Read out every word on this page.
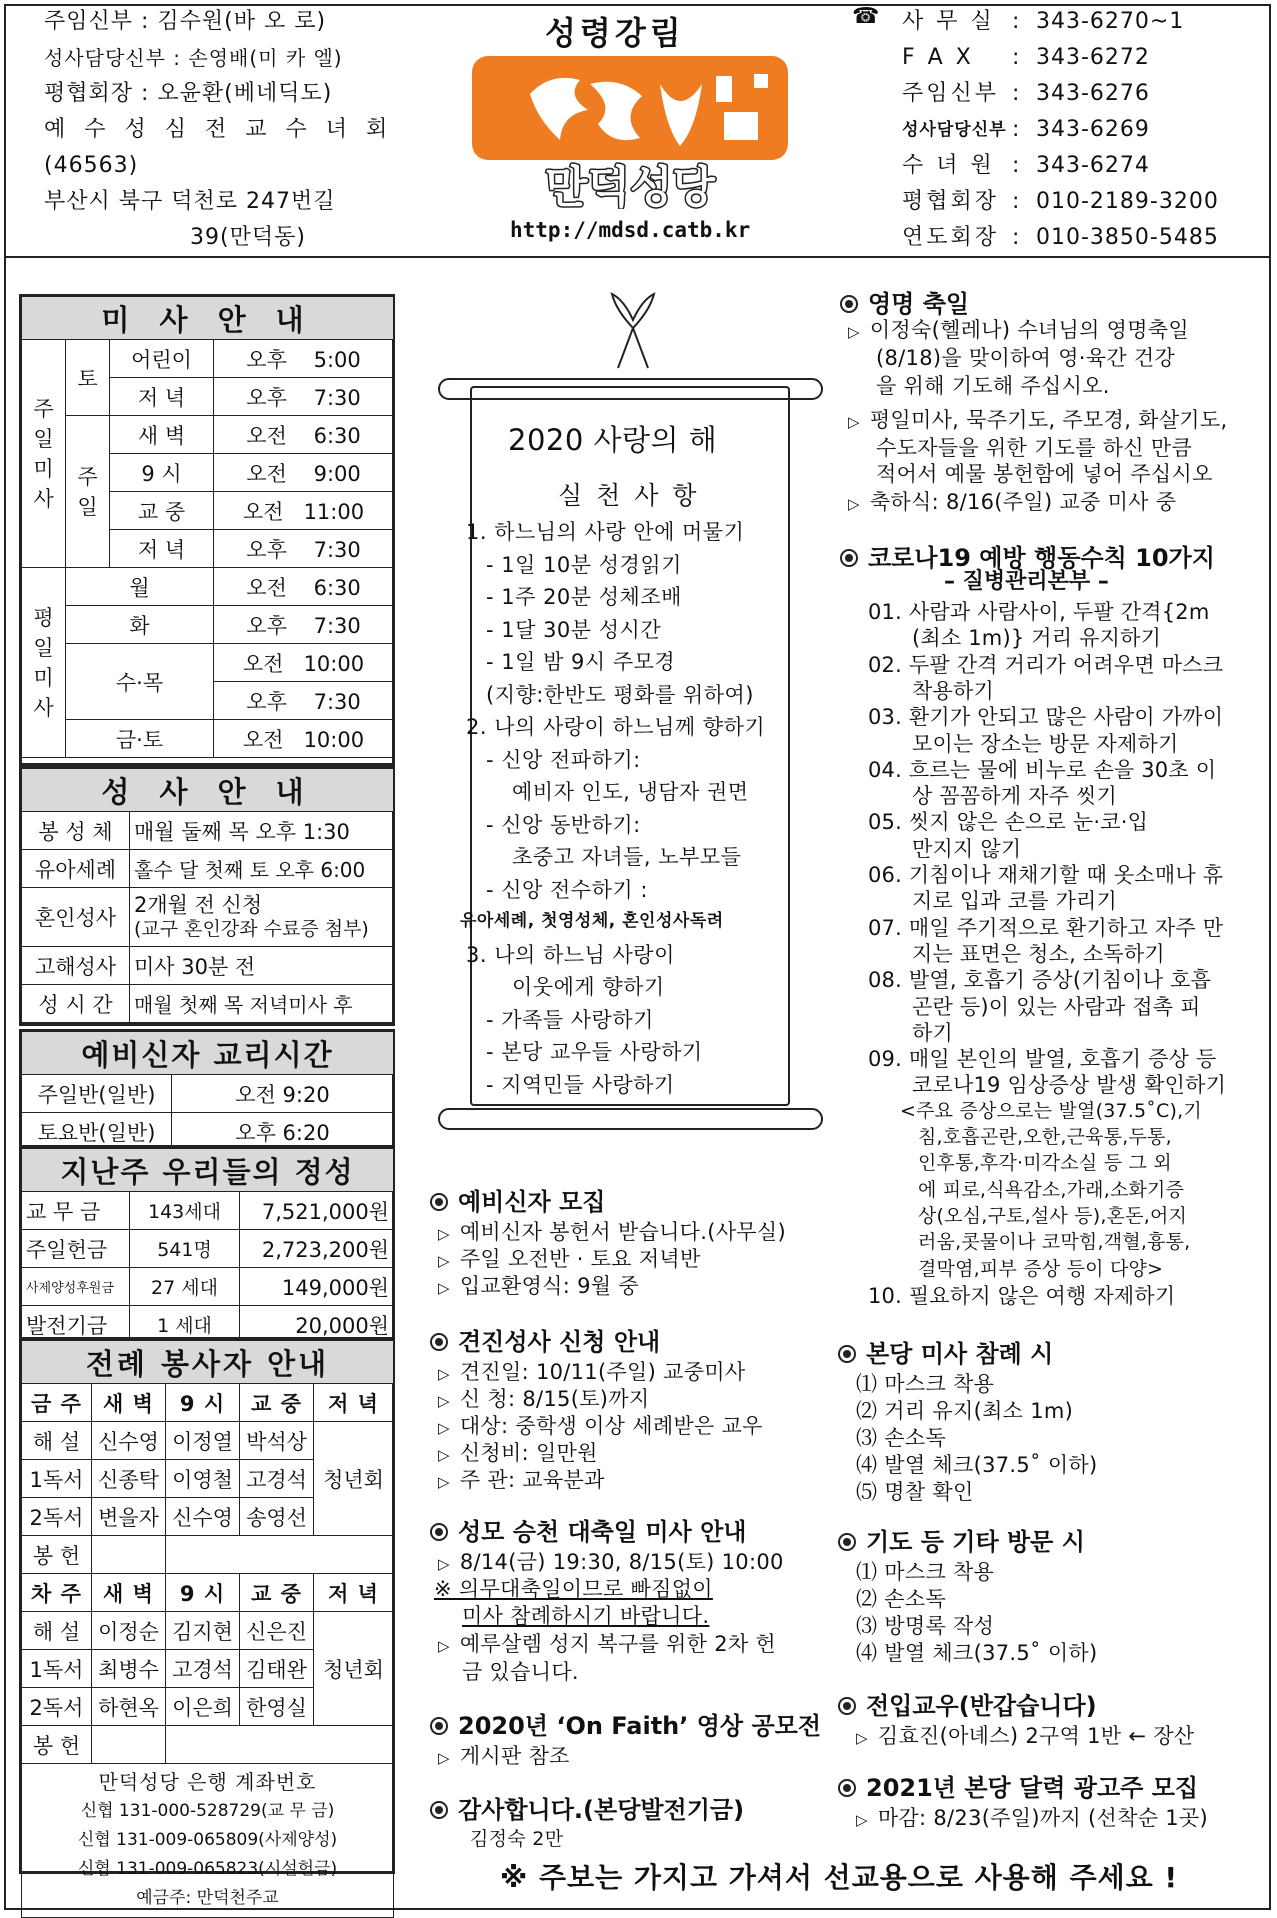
주임신부 : 김수원(바 오 로)
성사담당신부 : 손영배(미 카 엘)
평협회장 : 오윤환(베네딕도)
예 수 성 심 전 교 수 녀 회
(46563)
부산시 북구 덕천로 247번길
39(만덕동)
성령강림
만덕성당
http://mdsd.catb.kr
☎ 사 무 실 : 343-6270~1
F A X	: 343-6272
주임신부 : 343-6276
성사담당신부 : 343-6269
수 녀 원 : 343-6274
평협회장 : 010-2189-3200
연도회장 : 010-3850-5485
미 사 안 내			

주
일
미
사	토	어린이	오후 5:00
		저 녁	오후 7:30

	주
일	새 벽	오전 6:30
		9 시	오전 9:00
		교 중	오전 11:00
		저 녁	오후 7:30

평
일
미
사	월		오전 6:30
	화		오후 7:30
	수·목		오전 10:00
			오후 7:30
	금·토		오전 10:00
성 사 안 내	
봉 성 체	매월 둘째 목 오후 1:30
유아세례	홀수 달 첫째 토 오후 6:00
혼인성사	2개월 전 신청
(교구 혼인강좌 수료증 첨부)

고해성사	미사 30분 전
성 시 간	매월 첫째 목 저녁미사 후
예비신자 교리시간	
주일반(일반)	오전 9:20
토요반(일반)	오후 6:20
지난주 우리들의 정성		
교 무 금	143세대	7,521,000원
주일헌금	541명	2,723,200원
사제양성후원금	27 세대	149,000원
발전기금	1 세대	20,000원
전례 봉사자 안내				
금 주	새 벽	9 시	교 중	저 녁
해 설	신수영	이정열	박석상	청년회
1독서	신종탁	이영철	고경석	
2독서	변을자	신수영	송영선	
봉 헌				
차 주	새 벽	9 시	교 중	저 녁
해 설	이정순	김지현	신은진	청년회
1독서	최병수	고경석	김태완	
2독서	하현옥	이은희	한영실	
봉 헌				

만덕성당 은행 계좌번호
신협 131-000-528729(교 무 금)
신협 131-009-065809(사제양성)
신협 131-009-065823(시설헌금)
예금주: 만덕천주교				
2020 사랑의 해
실 천 사 항
1. 하느님의 사랑 안에 머물기
- 1일 10분 성경읽기
- 1주 20분 성체조배
- 1달 30분 성시간
- 1일 밤 9시 주모경
(지향:한반도 평화를 위하여)
2. 나의 사랑이 하느님께 향하기
- 신앙 전파하기:
예비자 인도, 냉담자 권면
- 신앙 동반하기:
초중고 자녀들, 노부모들
- 신앙 전수하기 :
유아세례, 첫영성체, 혼인성사독려
3. 나의 하느님 사랑이
이웃에게 향하기
- 가족들 사랑하기
- 본당 교우들 사랑하기
- 지역민들 사랑하기
예비신자 모집
▷ 예비신자 봉헌서 받습니다.(사무실)
▷ 주일 오전반 · 토요 저녁반
▷ 입교환영식: 9월 중
견진성사 신청 안내
▷ 견진일: 10/11(주일) 교중미사
▷ 신 청: 8/15(토)까지
▷ 대상: 중학생 이상 세례받은 교우
▷ 신청비: 일만원
▷ 주 관: 교육분과
성모 승천 대축일 미사 안내
▷ 8/14(금) 19:30, 8/15(토) 10:00
※ 의무대축일이므로 빠짐없이
미사 참례하시기 바랍니다.
▷ 예루살렘 성지 복구를 위한 2차 헌
금 있습니다.
2020년 ‘On Faith’ 영상 공모전
▷ 게시판 참조
감사합니다.(본당발전기금)
김정숙 2만
영명 축일
▷ 이정숙(헬레나) 수녀님의 영명축일
(8/18)을 맞이하여 영·육간 건강
을 위해 기도해 주십시오.
▷ 평일미사, 묵주기도, 주모경, 화살기도,
수도자들을 위한 기도를 하신 만큼
적어서 예물 봉헌함에 넣어 주십시오
▷ 축하식: 8/16(주일) 교중 미사 중
코로나19 예방 행동수칙 10가지
– 질병관리본부 –
01. 사람과 사람사이, 두팔 간격{2m
(최소 1m)} 거리 유지하기
02. 두팔 간격 거리가 어려우면 마스크
착용하기
03. 환기가 안되고 많은 사람이 가까이
모이는 장소는 방문 자제하기
04. 흐르는 물에 비누로 손을 30초 이
상 꼼꼼하게 자주 씻기
05. 씻지 않은 손으로 눈·코·입
만지지 않기
06. 기침이나 재채기할 때 옷소매나 휴
지로 입과 코를 가리기
07. 매일 주기적으로 환기하고 자주 만
지는 표면은 청소, 소독하기
08. 발열, 호흡기 증상(기침이나 호흡
곤란 등)이 있는 사람과 접촉 피
하기
09. 매일 본인의 발열, 호흡기 증상 등
코로나19 임상증상 발생 확인하기
<주요 증상으로는 발열(37.5˚C),기
침,호흡곤란,오한,근육통,두통,
인후통,후각·미각소실 등 그 외
에 피로,식욕감소,가래,소화기증
상(오심,구토,설사 등),혼돈,어지
러움,콧물이나 코막힘,객혈,흉통,
결막염,피부 증상 등이 다양>
10. 필요하지 않은 여행 자제하기
본당 미사 참례 시
⑴ 마스크 착용
⑵ 거리 유지(최소 1m)
⑶ 손소독
⑷ 발열 체크(37.5˚ 이하)
⑸ 명찰 확인
기도 등 기타 방문 시
⑴ 마스크 착용
⑵ 손소독
⑶ 방명록 작성
⑷ 발열 체크(37.5˚ 이하)
전입교우(반갑습니다)
▷ 김효진(아녜스) 2구역 1반 ← 장산
2021년 본당 달력 광고주 모집
▷ 마감: 8/23(주일)까지 (선착순 1곳)
※ 주보는 가지고 가셔서 선교용으로 사용해 주세요 !
